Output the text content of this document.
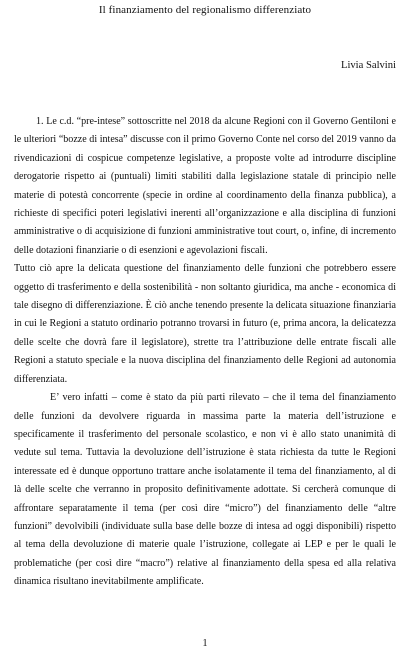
Il finanziamento del regionalismo differenziato

Livia Salvini

1. Le c.d. “pre-intese” sottoscritte nel 2018 da alcune Regioni con il Governo Gentiloni e le ulteriori “bozze di intesa” discusse con il primo Governo Conte nel corso del 2019 vanno da rivendicazioni di cospicue competenze legislative, a proposte volte ad introdurre discipline derogatorie rispetto ai (puntuali) limiti stabiliti dalla legislazione statale di principio nelle materie di potestà concorrente (specie in ordine al coordinamento della finanza pubblica), a richieste di specifici poteri legislativi inerenti all’organizzazione e alla disciplina di funzioni amministrative o di acquisizione di funzioni amministrative tout court, o, infine, di incremento delle dotazioni finanziarie o di esenzioni e agevolazioni fiscali.

Tutto ciò apre la delicata questione del finanziamento delle funzioni che potrebbero essere oggetto di trasferimento e della sostenibilità - non soltanto giuridica, ma anche - economica di tale disegno di differenziazione. È ciò anche tenendo presente la delicata situazione finanziaria in cui le Regioni a statuto ordinario potranno trovarsi in futuro (e, prima ancora, la delicatezza delle scelte che dovrà fare il legislatore), strette tra l’attribuzione delle entrate fiscali alle Regioni a statuto speciale e la nuova disciplina del finanziamento delle Regioni ad autonomia differenziata.

E’ vero infatti – come è stato da più parti rilevato – che il tema del finanziamento delle funzioni da devolvere riguarda in massima parte la materia dell’istruzione e specificamente il trasferimento del personale scolastico, e non vi è allo stato unanimità di vedute sul tema. Tuttavia la devoluzione dell’istruzione è stata richiesta da tutte le Regioni interessate ed è dunque opportuno trattare anche isolatamente il tema del finanziamento, al di là delle scelte che verranno in proposito definitivamente adottate. Si cercherà comunque di affrontare separatamente il tema (per così dire “micro”) del finanziamento delle “altre funzioni” devolvibili (individuate sulla base delle bozze di intesa ad oggi disponibili) rispetto al tema della devoluzione di materie quale l’istruzione, collegate ai LEP e per le quali le problematiche (per così dire “macro”) relative al finanziamento della spesa ed alla relativa dinamica risultano inevitabilmente amplificate.

1
